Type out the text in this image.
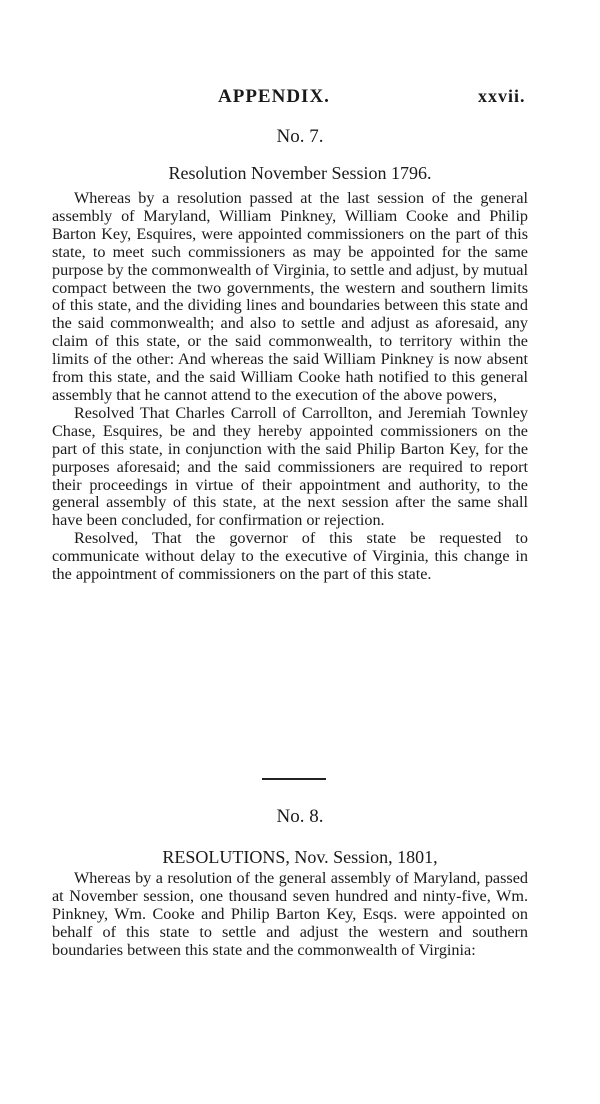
APPENDIX.	xxvii.
No. 7.
Resolution November Session 1796.

Whereas by a resolution passed at the last session of the general assembly of Maryland, William Pinkney, William Cooke and Philip Barton Key, Esquires, were appointed commissioners on the part of this state, to meet such commissioners as may be appointed for the same purpose by the commonwealth of Virginia, to settle and adjust, by mutual compact between the two governments, the western and southern limits of this state, and the dividing lines and boundaries between this state and the said commonwealth; and also to settle and adjust as aforesaid, any claim of this state, or the said commonwealth, to territory within the limits of the other: And whereas the said William Pinkney is now absent from this state, and the said William Cooke hath notified to this general assembly that he cannot attend to the execution of the above powers,

Resolved That Charles Carroll of Carrollton, and Jeremiah Townley Chase, Esquires, be and they hereby appointed commissioners on the part of this state, in conjunction with the said Philip Barton Key, for the purposes aforesaid; and the said commissioners are required to report their proceedings in virtue of their appointment and authority, to the general assembly of this state, at the next session after the same shall have been concluded, for confirmation or rejection.

Resolved, That the governor of this state be requested to communicate without delay to the executive of Virginia, this change in the appointment of commissioners on the part of this state.

No. 8.
RESOLUTIONS, Nov. Session, 1801,

Whereas by a resolution of the general assembly of Maryland, passed at November session, one thousand seven hundred and ninty-five, Wm. Pinkney, Wm. Cooke and Philip Barton Key, Esqs. were appointed on behalf of this state to settle and adjust the western and southern boundaries between this state and the commonwealth of Virginia:
